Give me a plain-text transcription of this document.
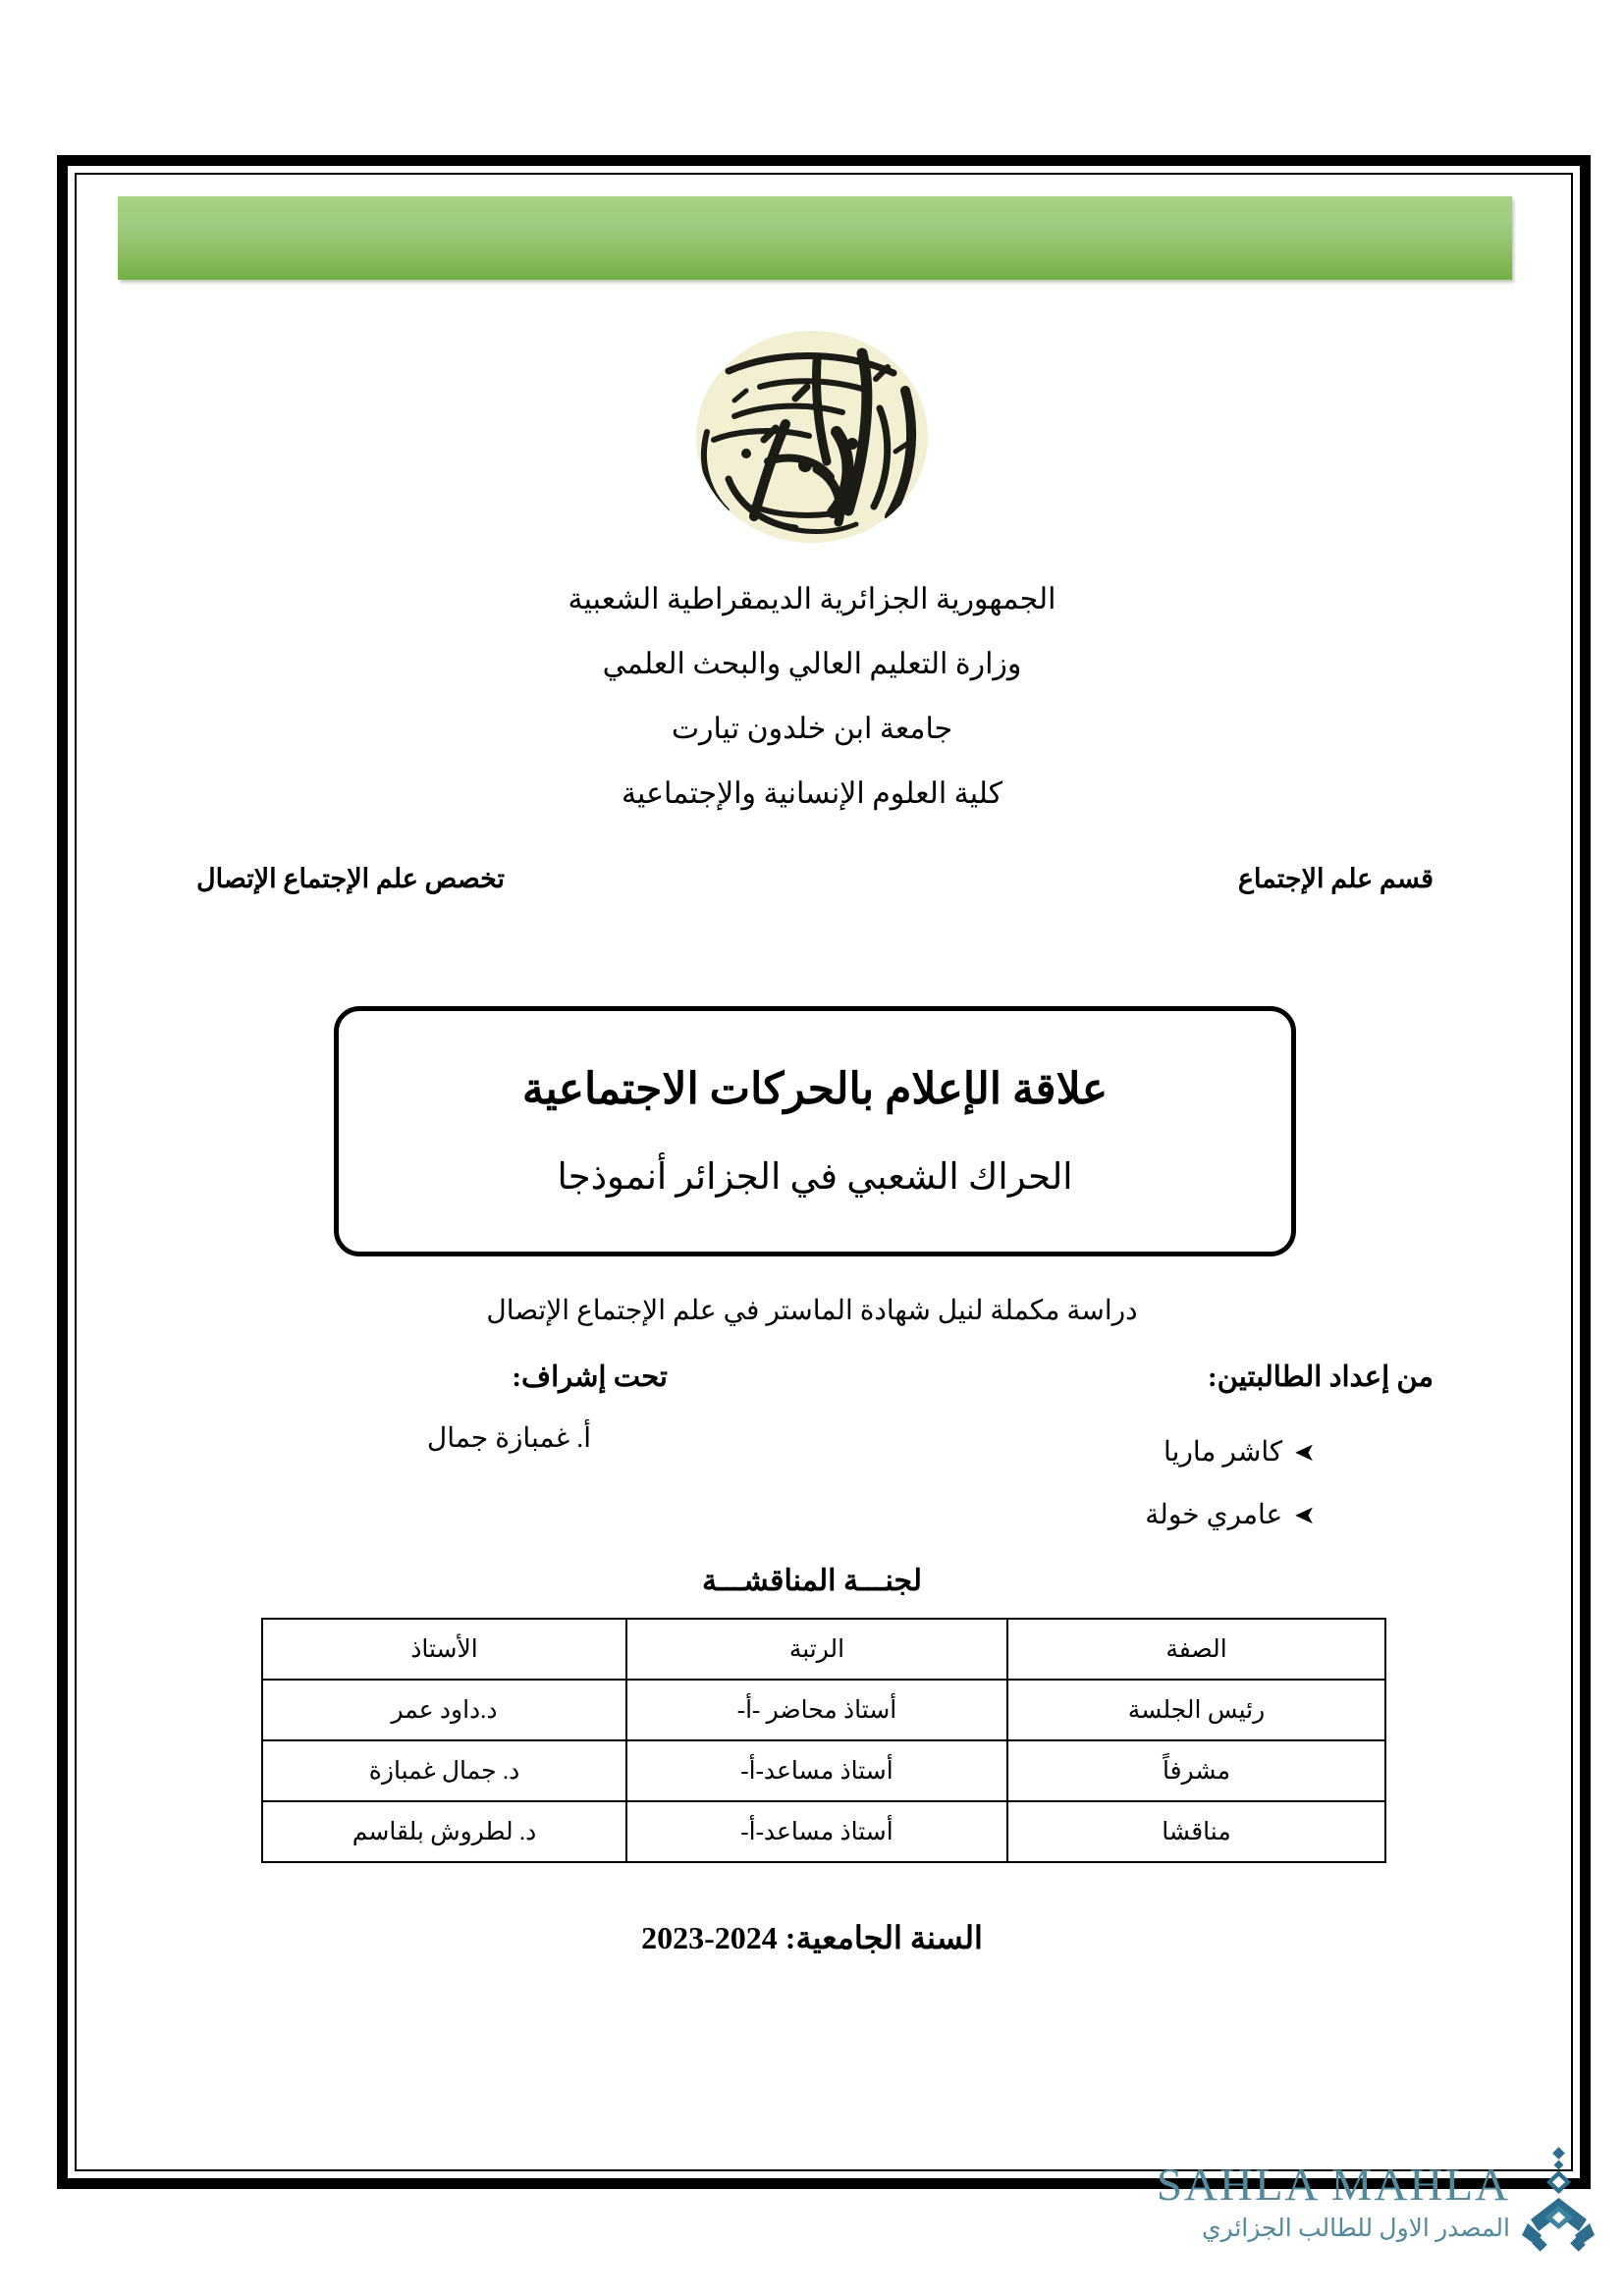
الجمهورية الجزائرية الديمقراطية الشعبية
وزارة التعليم العالي والبحث العلمي
جامعة ابن خلدون تيارت
كلية العلوم الإنسانية والإجتماعية
قسم علم الإجتماع
تخصص علم الإجتماع الإتصال
علاقة الإعلام بالحركات الاجتماعية
الحراك الشعبي في الجزائر أنموذجا
دراسة مكملة لنيل شهادة الماستر في علم الإجتماع الإتصال
من إعداد الطالبتين:
➤كاشر ماريا
➤عامري خولة
تحت إشراف:
أ. غمبازة جمال
لجنـــة المناقشـــة
الصفة	الرتبة	الأستاذ
رئيس الجلسة	أستاذ محاضر -أ-	د.داود عمر
مشرفاً	أستاذ مساعد-أ-	د. جمال غمبازة
مناقشا	أستاذ مساعد-أ-	د. لطروش بلقاسم
السنة الجامعية: 2023-2024
SAHLA MAHLA
المصدر الاول للطالب الجزائري
